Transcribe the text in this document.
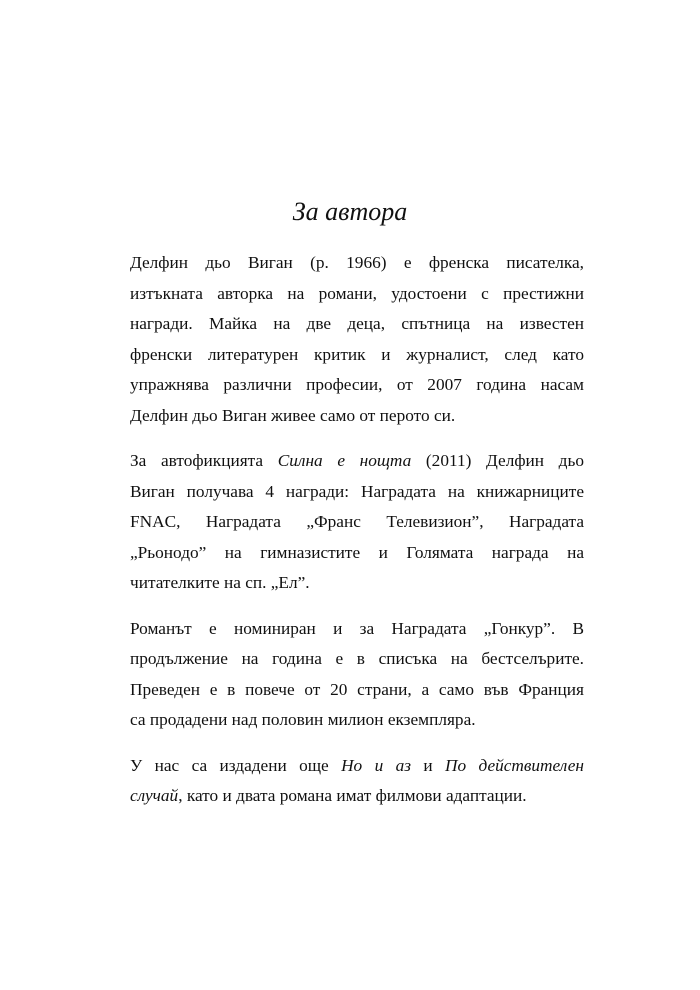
За автора

Делфин дьо Виган (р. 1966) е френска писателка,
изтъкната авторка на романи, удостоени с престижни
награди. Майка на две деца, спътница на известен
френски литературен критик и журналист, след като
упражнява различни професии, от 2007 година насам
Делфин дьо Виган живее само от перото си.

За автофикцията Силна е нощта (2011) Делфин дьо
Виган получава 4 награди: Наградата на книжарниците
FNAC, Наградата „Франс Телевизион”, Наградата
„Рьонодо” на гимназистите и Голямата награда на
читателките на сп. „Ел”.

Романът е номиниран и за Наградата „Гонкур”. В
продължение на година е в списъка на бестселърите.
Преведен е в повече от 20 страни, а само във Франция
са продадени над половин милион екземпляра.

У нас са издадени още Но и аз и По действителен
случай, като и двата романа имат филмови адаптации.
